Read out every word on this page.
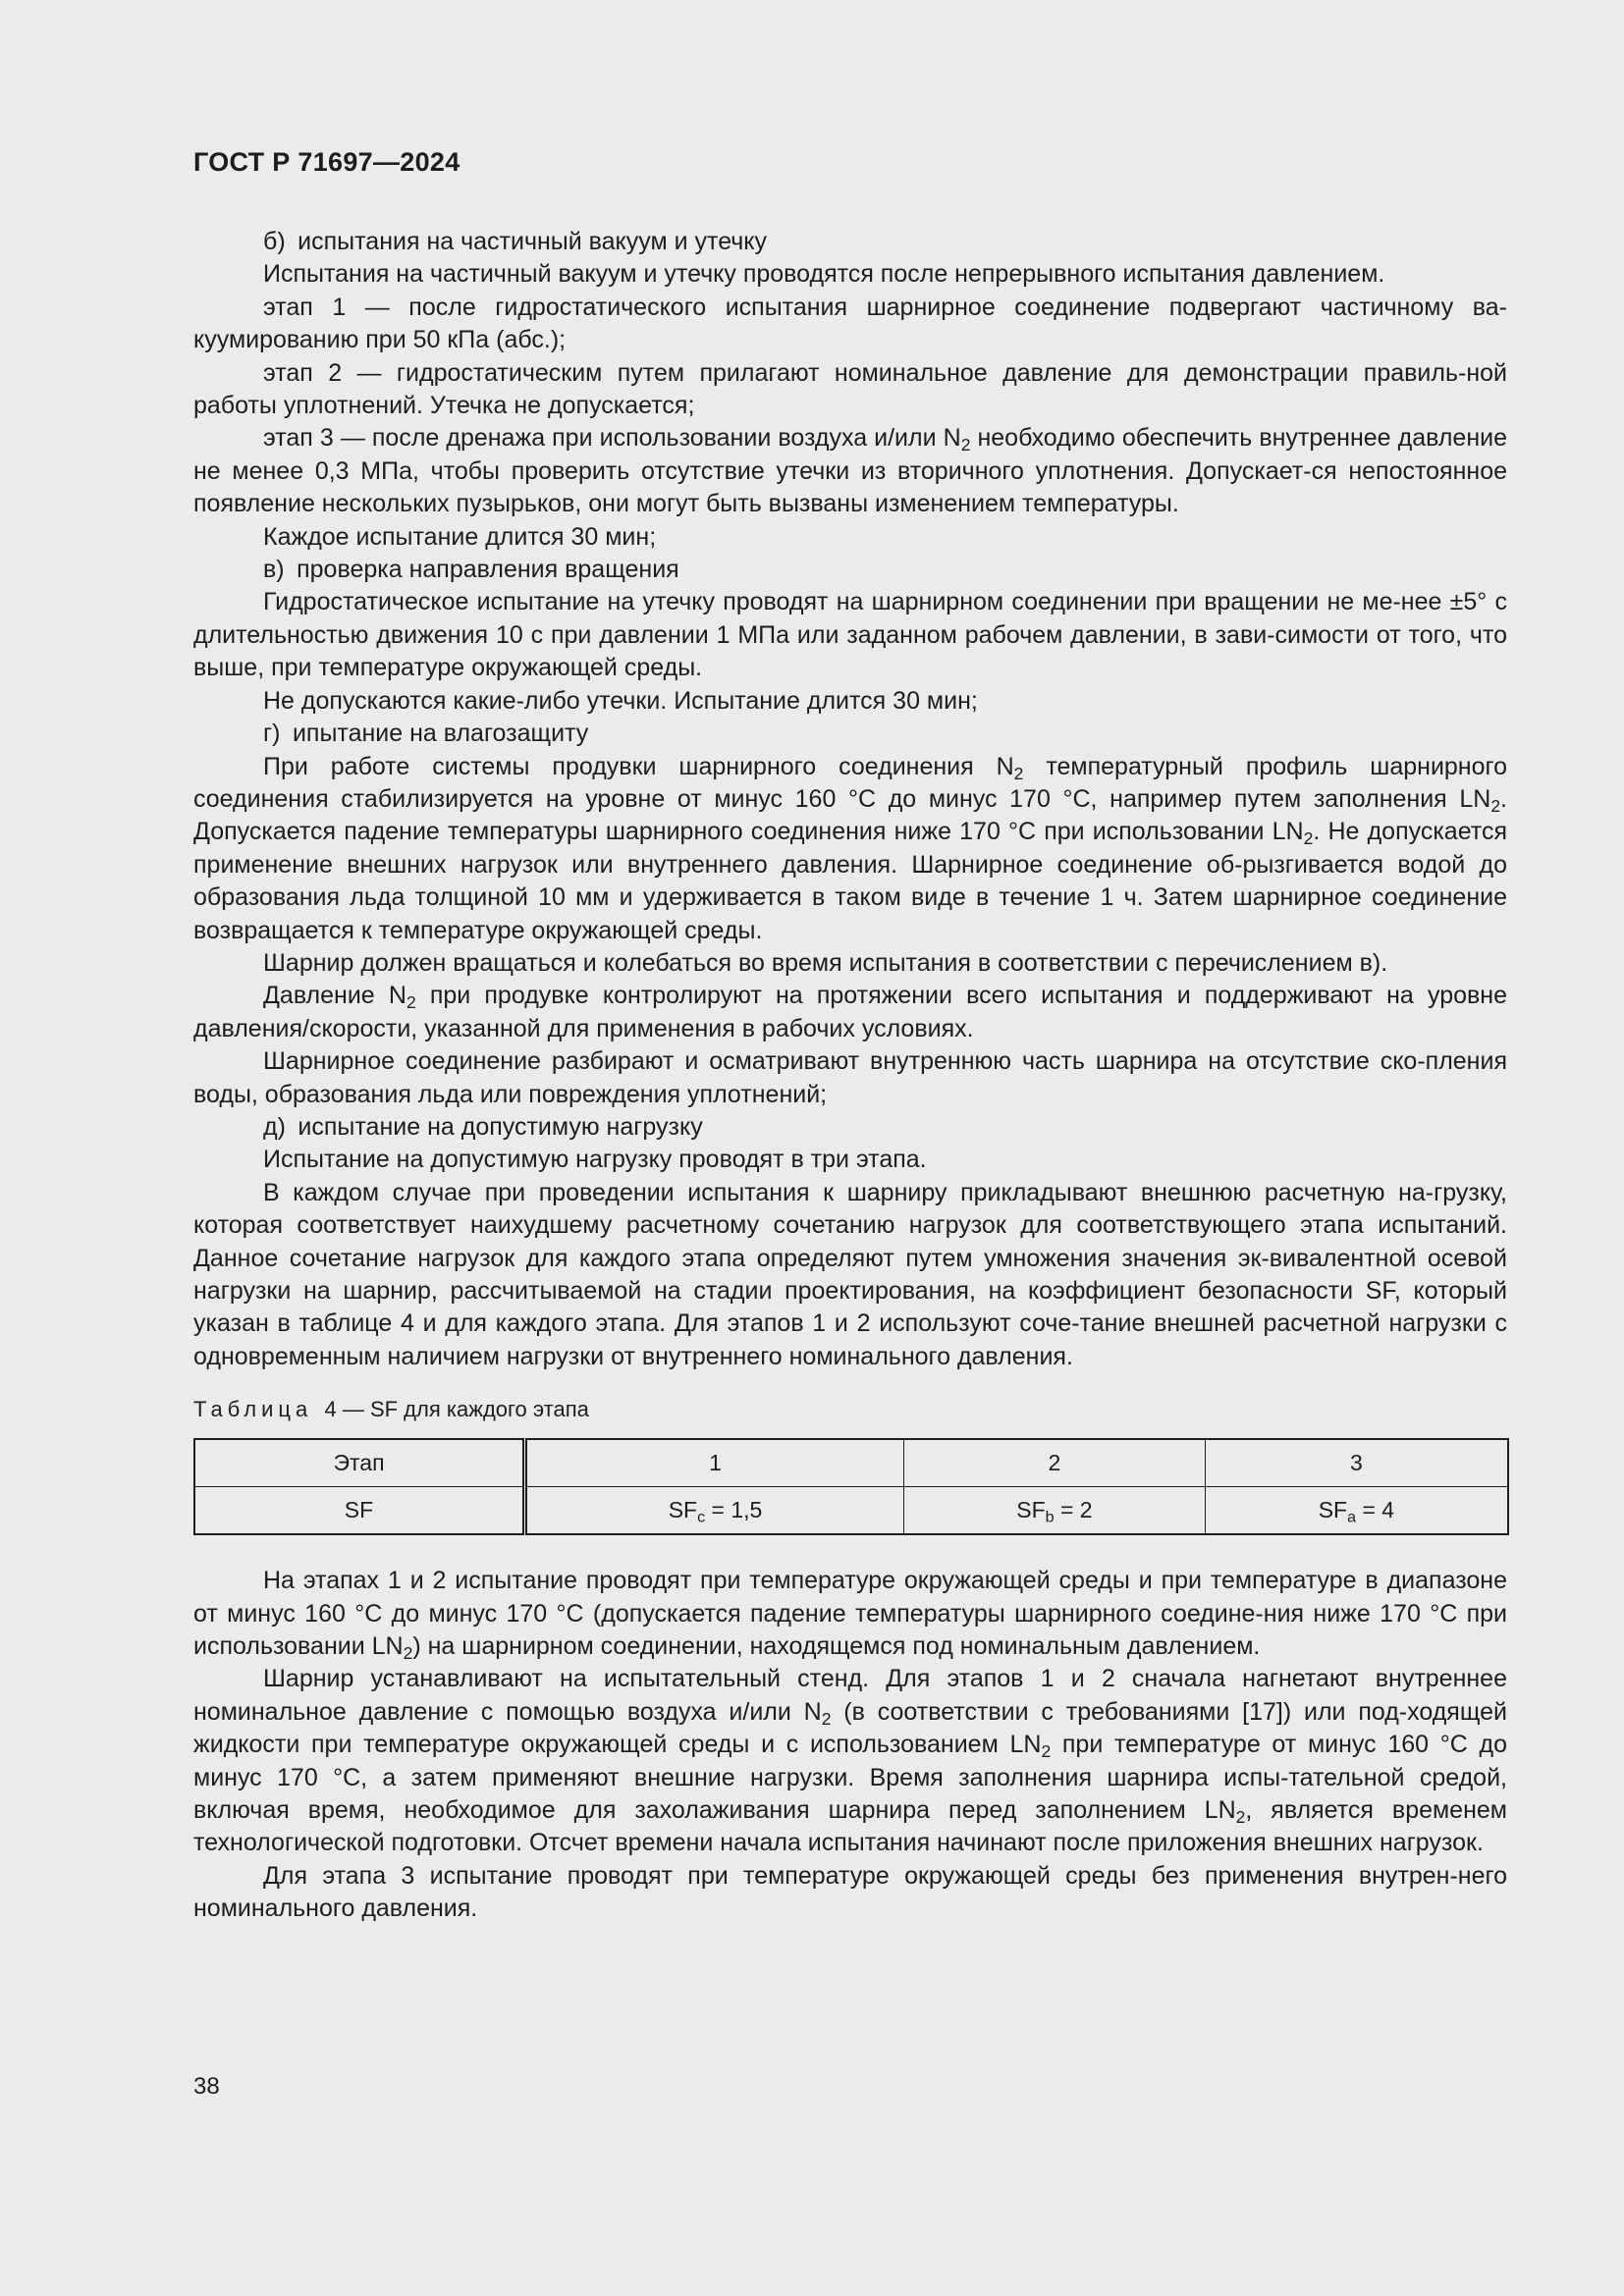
ГОСТ Р 71697—2024

б) испытания на частичный вакуум и утечку

Испытания на частичный вакуум и утечку проводятся после непрерывного испытания давлением.

этап 1 — после гидростатического испытания шарнирное соединение подвергают частичному ва-куумированию при 50 кПа (абс.);

этап 2 — гидростатическим путем прилагают номинальное давление для демонстрации правиль-ной работы уплотнений. Утечка не допускается;

этап 3 — после дренажа при использовании воздуха и/или $N_2$ необходимо обеспечить внутреннее давление не менее 0,3 МПа, чтобы проверить отсутствие утечки из вторичного уплотнения. Допускает-ся непостоянное появление нескольких пузырьков, они могут быть вызваны изменением температуры.

Каждое испытание длится 30 мин;

в) проверка направления вращения

Гидростатическое испытание на утечку проводят на шарнирном соединении при вращении не ме-нее ±5° с длительностью движения 10 с при давлении 1 МПа или заданном рабочем давлении, в зави-симости от того, что выше, при температуре окружающей среды.

Не допускаются какие-либо утечки. Испытание длится 30 мин;

г) ипытание на влагозащиту

При работе системы продувки шарнирного соединения $N_2$ температурный профиль шарнирного соединения стабилизируется на уровне от минус 160 °С до минус 170 °С, например путем заполнения $LN_2$. Допускается падение температуры шарнирного соединения ниже 170 °С при использовании $LN_2$. Не допускается применение внешних нагрузок или внутреннего давления. Шарнирное соединение об-рызгивается водой до образования льда толщиной 10 мм и удерживается в таком виде в течение 1 ч. Затем шарнирное соединение возвращается к температуре окружающей среды.

Шарнир должен вращаться и колебаться во время испытания в соответствии с перечислением в).

Давление $N_2$ при продувке контролируют на протяжении всего испытания и поддерживают на уровне давления/скорости, указанной для применения в рабочих условиях.

Шарнирное соединение разбирают и осматривают внутреннюю часть шарнира на отсутствие ско-пления воды, образования льда или повреждения уплотнений;

д) испытание на допустимую нагрузку

Испытание на допустимую нагрузку проводят в три этапа.

В каждом случае при проведении испытания к шарниру прикладывают внешнюю расчетную на-грузку, которая соответствует наихудшему расчетному сочетанию нагрузок для соответствующего этапа испытаний. Данное сочетание нагрузок для каждого этапа определяют путем умножения значения эк-вивалентной осевой нагрузки на шарнир, рассчитываемой на стадии проектирования, на коэффициент безопасности SF, который указан в таблице 4 и для каждого этапа. Для этапов 1 и 2 используют соче-тание внешней расчетной нагрузки с одновременным наличием нагрузки от внутреннего номинального давления.

Таблица 4 — SF для каждого этапа

Этап	1	2	3
SF	$SF_c = 1,5$	$SF_b = 2$	$SF_a = 4$

На этапах 1 и 2 испытание проводят при температуре окружающей среды и при температуре в диапазоне от минус 160 °С до минус 170 °С (допускается падение температуры шарнирного соедине-ния ниже 170 °С при использовании $LN_2$) на шарнирном соединении, находящемся под номинальным давлением.

Шарнир устанавливают на испытательный стенд. Для этапов 1 и 2 сначала нагнетают внутреннее номинальное давление с помощью воздуха и/или $N_2$ (в соответствии с требованиями [17]) или под-ходящей жидкости при температуре окружающей среды и с использованием $LN_2$ при температуре от минус 160 °С до минус 170 °С, а затем применяют внешние нагрузки. Время заполнения шарнира испы-тательной средой, включая время, необходимое для захолаживания шарнира перед заполнением $LN_2$, является временем технологической подготовки. Отсчет времени начала испытания начинают после приложения внешних нагрузок.

Для этапа 3 испытание проводят при температуре окружающей среды без применения внутрен-него номинального давления.

38
